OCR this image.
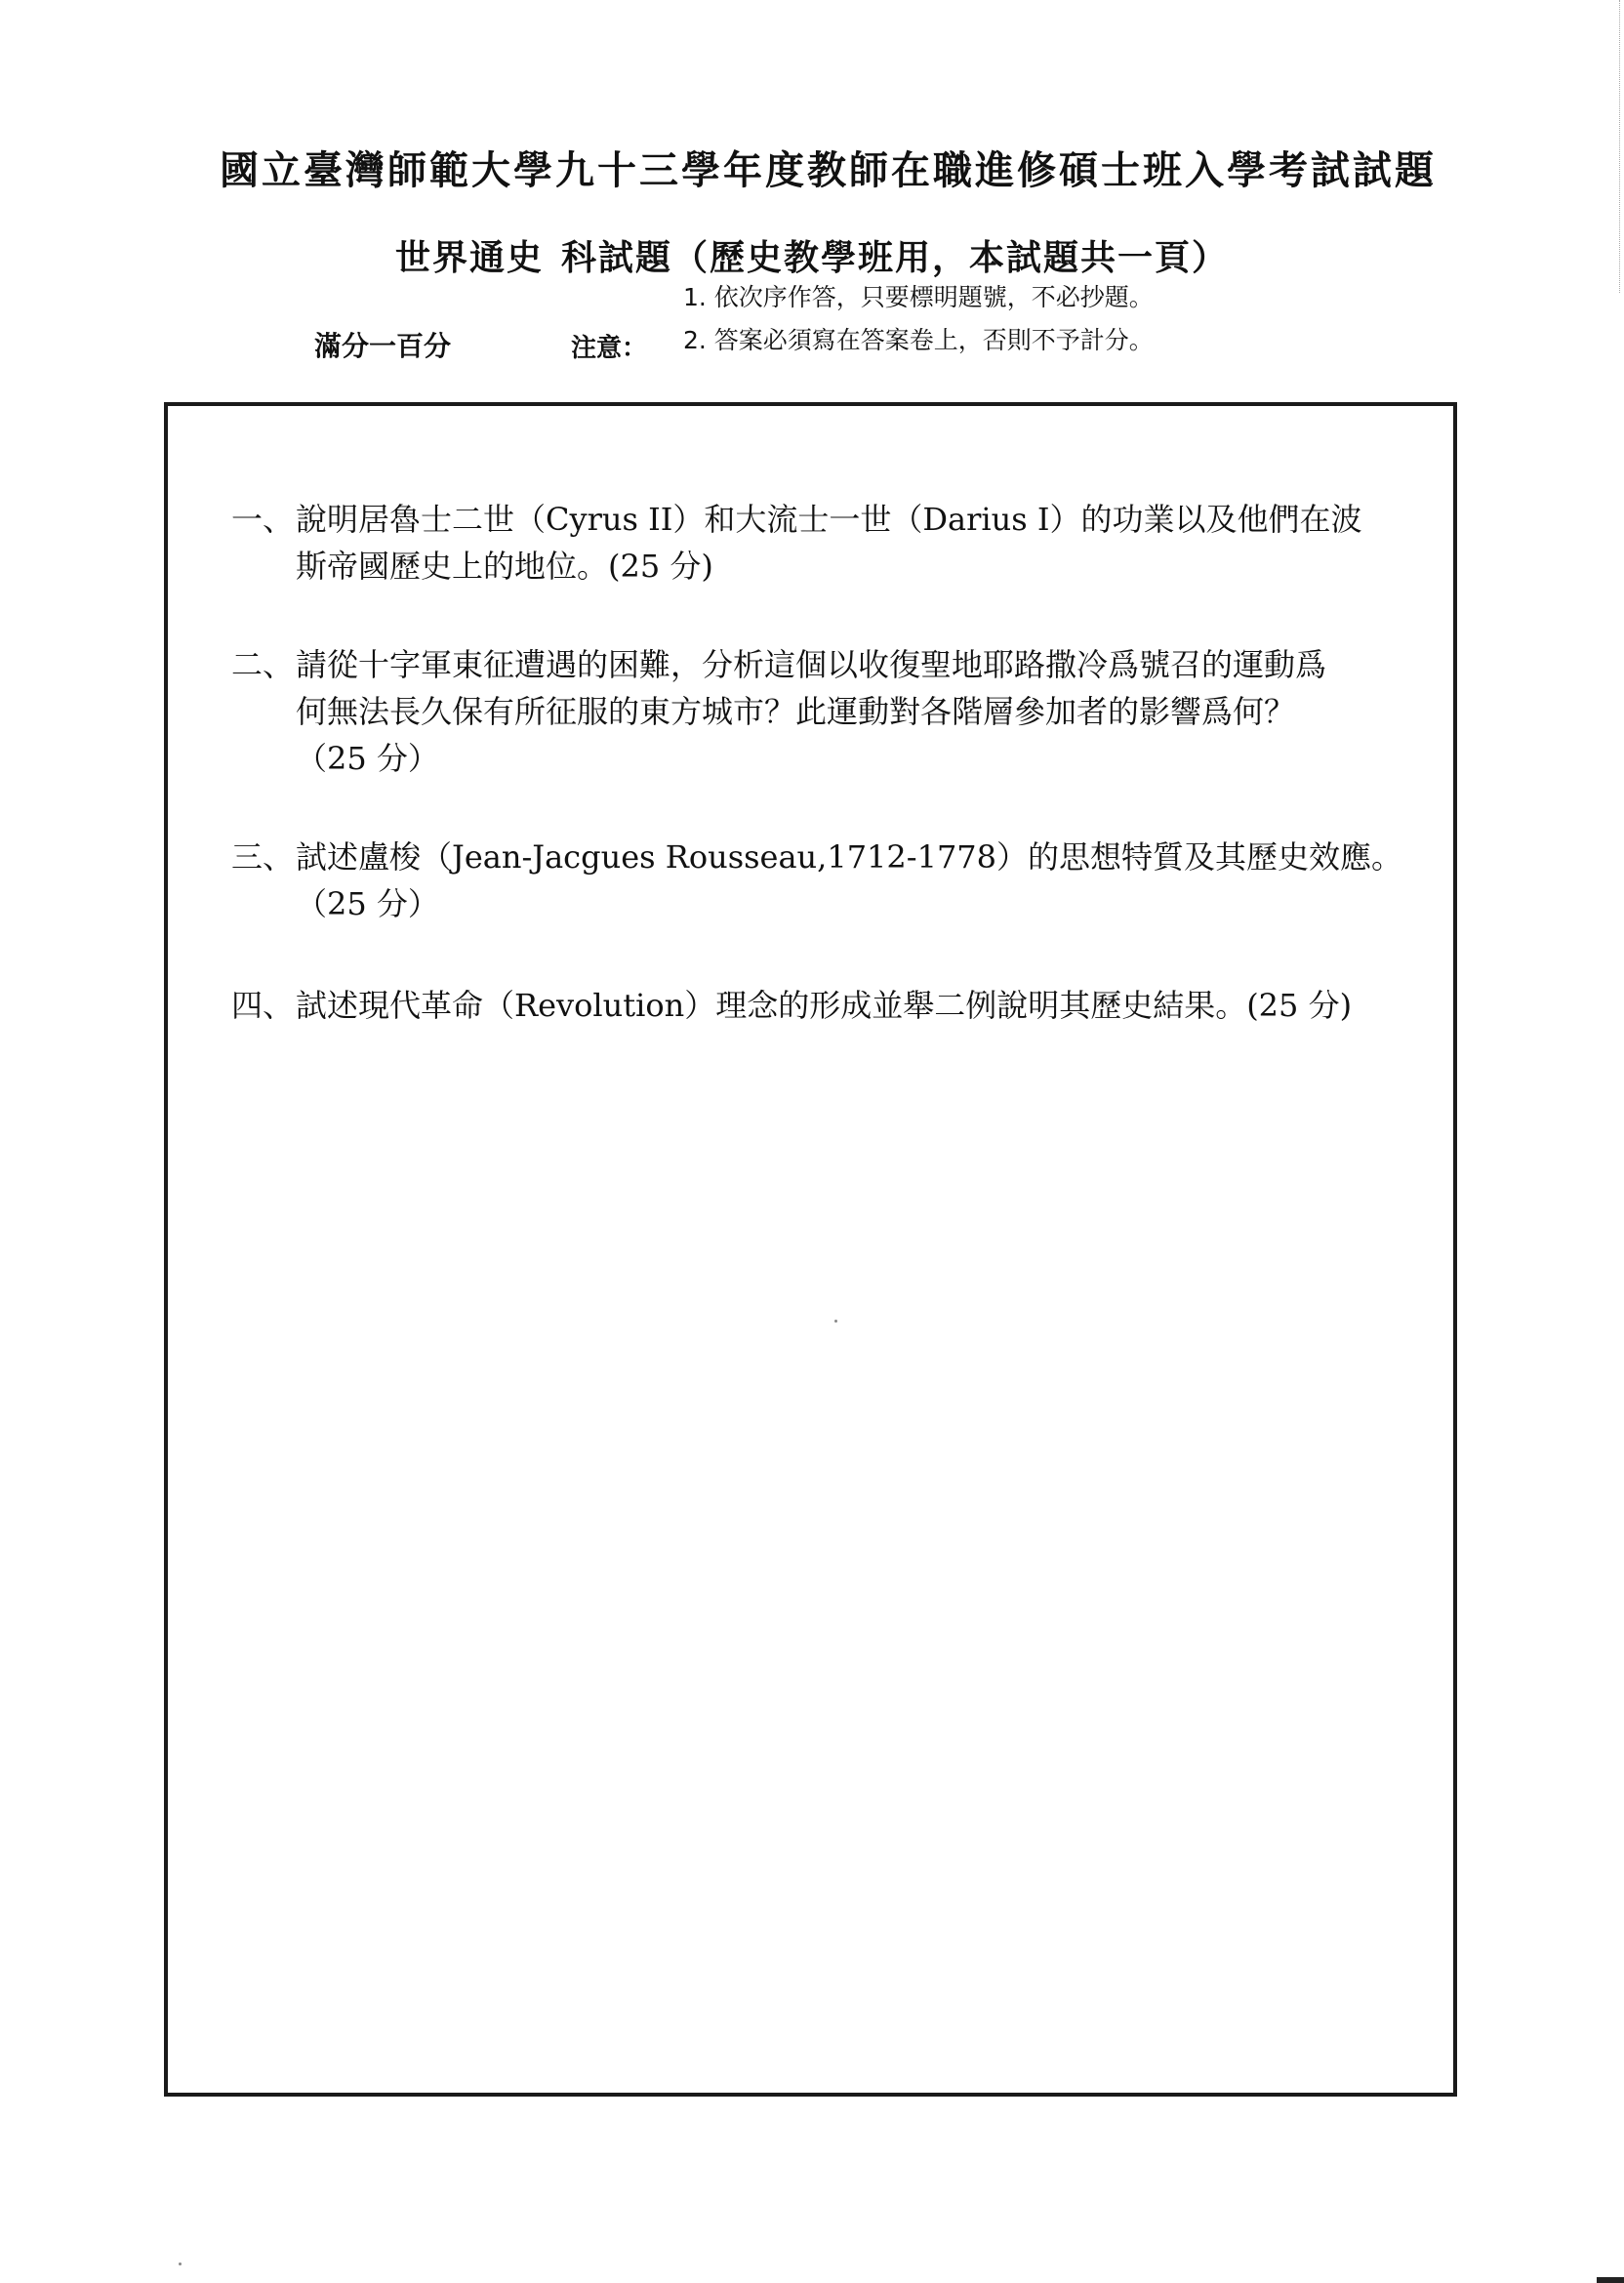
國立臺灣師範大學九十三學年度教師在職進修碩士班入學考試試題
世界通史 科試題（歷史教學班用，本試題共一頁）
滿分一百分	注意：
1. 依次序作答，只要標明題號，不必抄題。
2. 答案必須寫在答案卷上，否則不予計分。
一、說明居魯士二世（Cyrus II）和大流士一世（Darius I）的功業以及他們在波
斯帝國歷史上的地位。(25 分)
二、請從十字軍東征遭遇的困難，分析這個以收復聖地耶路撒冷爲號召的運動爲
何無法長久保有所征服的東方城市？此運動對各階層參加者的影響爲何？
（25 分）
三、試述盧梭（Jean-Jacgues Rousseau,1712-1778）的思想特質及其歷史效應。
（25 分）
四、試述現代革命（Revolution）理念的形成並舉二例說明其歷史結果。(25 分)
